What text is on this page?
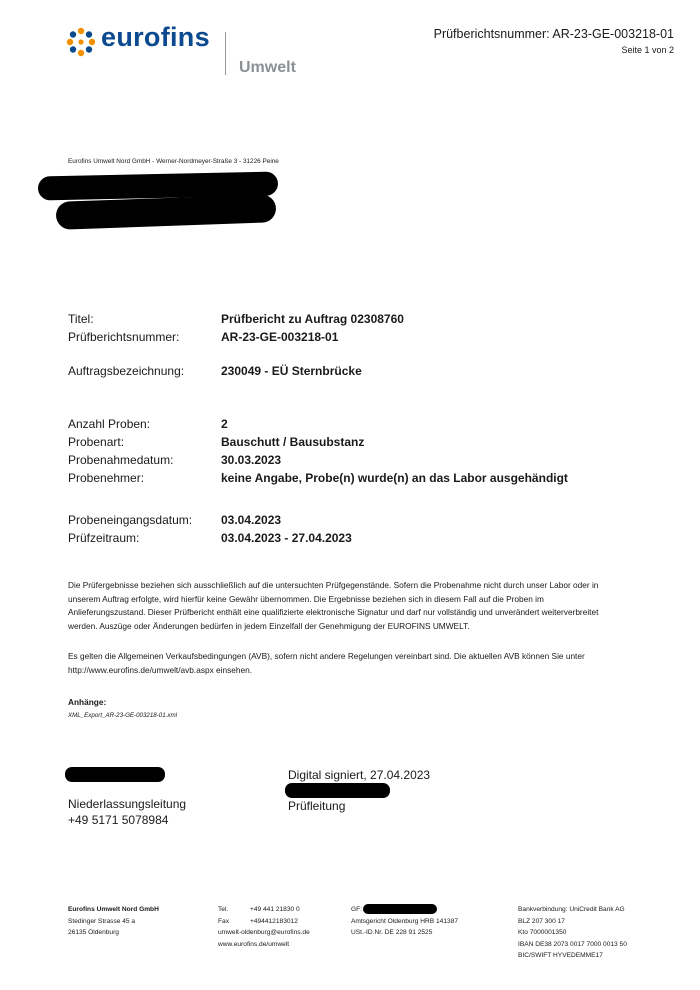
eurofins
Umwelt
Prüfberichtsnummer: AR-23-GE-003218-01
Seite 1 von 2
Eurofins Umwelt Nord GmbH - Werner-Nordmeyer-Straße 3 - 31226 Peine
Titel:	Prüfbericht zu Auftrag 02308760
Prüfberichtsnummer:	AR-23-GE-003218-01
Auftragsbezeichnung:	230049 - EÜ Sternbrücke
Anzahl Proben:	2
Probenart:	Bauschutt / Bausubstanz
Probenahmedatum:	30.03.2023
Probenehmer:	keine Angabe, Probe(n) wurde(n) an das Labor ausgehändigt
Probeneingangsdatum: 03.04.2023
Prüfzeitraum:	03.04.2023 - 27.04.2023
Die Prüfergebnisse beziehen sich ausschließlich auf die untersuchten Prüfgegenstände. Sofern die Probenahme nicht durch unser Labor oder in
unserem Auftrag erfolgte, wird hierfür keine Gewähr übernommen. Die Ergebnisse beziehen sich in diesem Fall auf die Proben im
Anlieferungszustand. Dieser Prüfbericht enthält eine qualifizierte elektronische Signatur und darf nur vollständig und unverändert weiterverbreitet
werden. Auszüge oder Änderungen bedürfen in jedem Einzelfall der Genehmigung der EUROFINS UMWELT.
Es gelten die Allgemeinen Verkaufsbedingungen (AVB), sofern nicht andere Regelungen vereinbart sind. Die aktuellen AVB können Sie unter
http://www.eurofins.de/umwelt/avb.aspx einsehen.
Anhänge:
XML_Export_AR-23-GE-003218-01.xml
Niederlassungsleitung
+49 5171 5078984
Digital signiert, 27.04.2023
Prüfleitung
Eurofins Umwelt Nord GmbH
Stedinger Strasse 45 a
26135 Oldenburg
Tel.
Fax
+49 441 21830 0
+494412183012
umwelt-oldenburg@eurofins.de
www.eurofins.de/umwelt
GF:
Amtsgericht Oldenburg HRB 141387
USt.-ID.Nr. DE 228 91 2525
Bankverbindung: UniCredit Bank AG
BLZ 207 300 17
Kto 7000001350
IBAN DE38 2073 0017 7000 0013 50
BIC/SWIFT HYVEDEMME17
